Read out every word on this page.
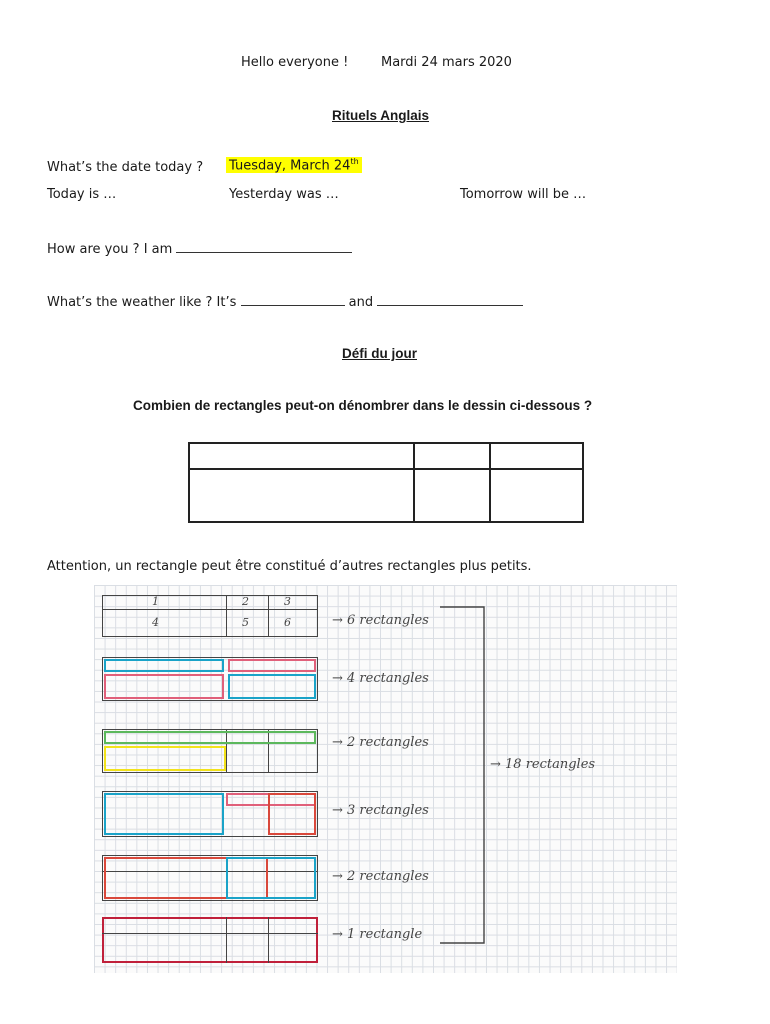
Hello everyone !	Mardi 24 mars 2020
Rituels Anglais
What’s the date today ? Tuesday, March 24th
Today is …	Yesterday was …	Tomorrow will be …
How are you ? I am
What’s the weather like ? It’s	and
Défi du jour
Combien de rectangles peut-on dénombrer dans le dessin ci-dessous ?
Attention, un rectangle peut être constitué d’autres rectangles plus petits.
1	2	3
4	5	6	→ 6 rectangles
→ 4 rectangles
→ 2 rectangles
→ 3 rectangles
→ 2 rectangles
→ 1 rectangle
→ 18 rectangles
